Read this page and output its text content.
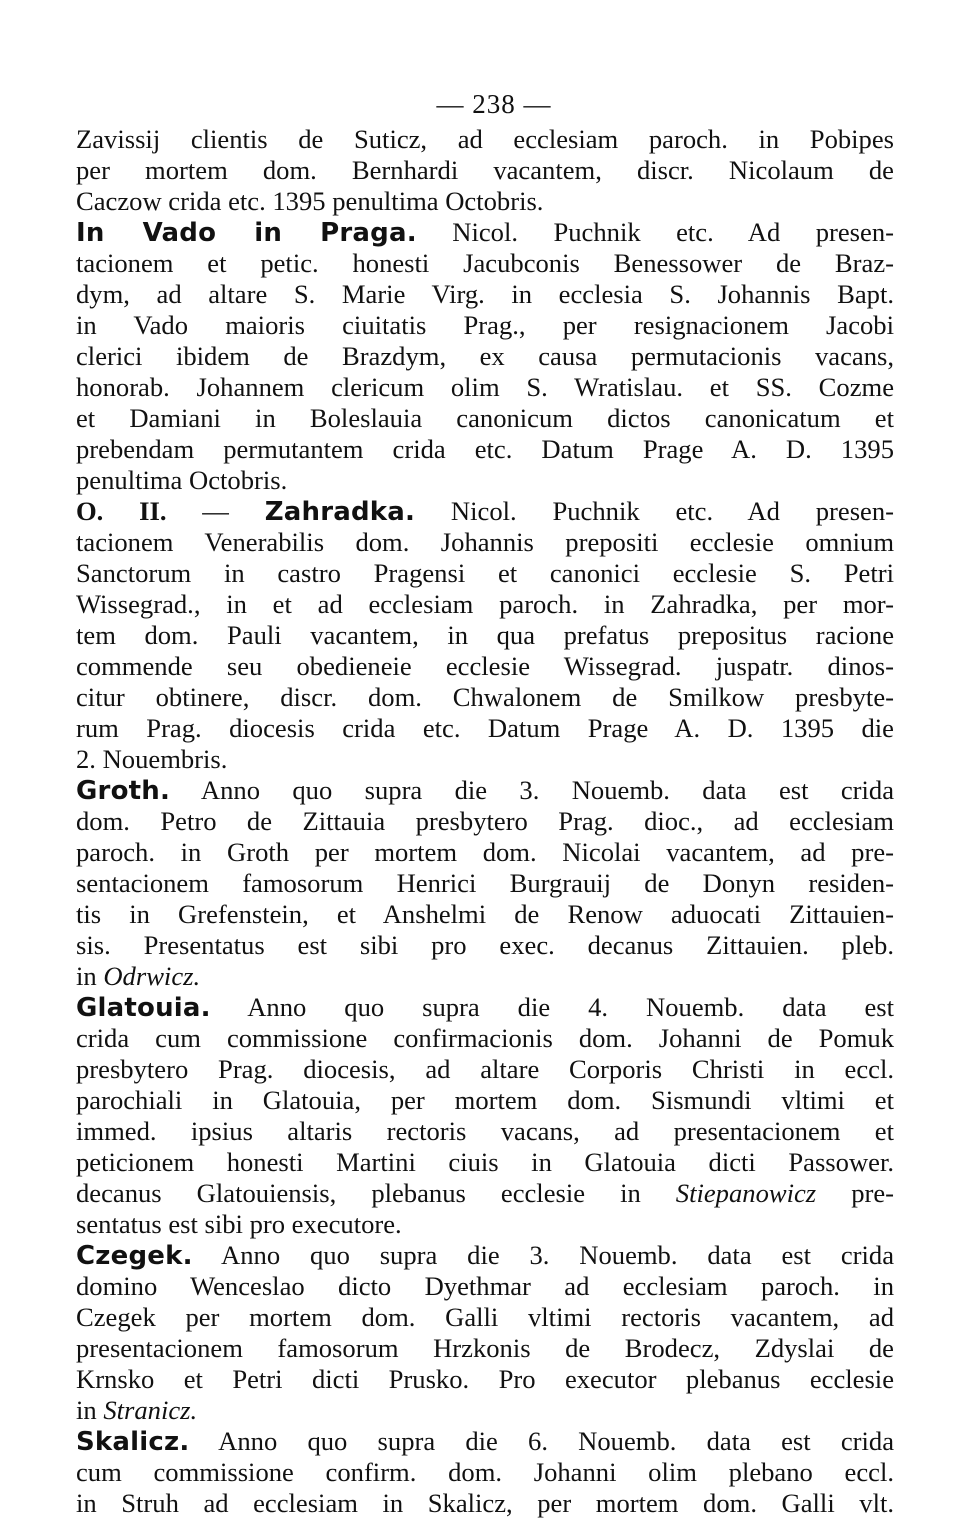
— 238 —
Zavissij clientis de Suticz, ad ecclesiam paroch. in Pobipes
per mortem dom. Bernhardi vacantem, discr. Nicolaum de
Caczow crida etc. 1395 penultima Octobris.
In Vado in Praga. Nicol. Puchnik etc. Ad presen-
tacionem et petic. honesti Jacubconis Benessower de Braz-
dym, ad altare S. Marie Virg. in ecclesia S. Johannis Bapt.
in Vado maioris ciuitatis Prag., per resignacionem Jacobi
clerici ibidem de Brazdym, ex causa permutacionis vacans,
honorab. Johannem clericum olim S. Wratislau. et SS. Cozme
et Damiani in Boleslauia canonicum dictos canonicatum et
prebendam permutantem crida etc. Datum Prage A. D. 1395
penultima Octobris.
O. II. — Zahradka. Nicol. Puchnik etc. Ad presen-
tacionem Venerabilis dom. Johannis prepositi ecclesie omnium
Sanctorum in castro Pragensi et canonici ecclesie S. Petri
Wissegrad., in et ad ecclesiam paroch. in Zahradka, per mor-
tem dom. Pauli vacantem, in qua prefatus prepositus racione
commende seu obedieneie ecclesie Wissegrad. juspatr. dinos-
citur obtinere, discr. dom. Chwalonem de Smilkow presbyte-
rum Prag. diocesis crida etc. Datum Prage A. D. 1395 die
2. Nouembris.
Groth. Anno quo supra die 3. Nouemb. data est crida
dom. Petro de Zittauia presbytero Prag. dioc., ad ecclesiam
paroch. in Groth per mortem dom. Nicolai vacantem, ad pre-
sentacionem famosorum Henrici Burgrauij de Donyn residen-
tis in Grefenstein, et Anshelmi de Renow aduocati Zittauien-
sis. Presentatus est sibi pro exec. decanus Zittauien. pleb.
in Odrwicz.
Glatouia. Anno quo supra die 4. Nouemb. data est
crida cum commissione confirmacionis dom. Johanni de Pomuk
presbytero Prag. diocesis, ad altare Corporis Christi in eccl.
parochiali in Glatouia, per mortem dom. Sismundi vltimi et
immed. ipsius altaris rectoris vacans, ad presentacionem et
peticionem honesti Martini ciuis in Glatouia dicti Passower.
decanus Glatouiensis, plebanus ecclesie in Stiepanowicz pre-
sentatus est sibi pro executore.
Czegek. Anno quo supra die 3. Nouemb. data est crida
domino Wenceslao dicto Dyethmar ad ecclesiam paroch. in
Czegek per mortem dom. Galli vltimi rectoris vacantem, ad
presentacionem famosorum Hrzkonis de Brodecz, Zdyslai de
Krnsko et Petri dicti Prusko. Pro executor plebanus ecclesie
in Stranicz.
Skalicz. Anno quo supra die 6. Nouemb. data est crida
cum commissione confirm. dom. Johanni olim plebano eccl.
in Struh ad ecclesiam in Skalicz, per mortem dom. Galli vlt.
